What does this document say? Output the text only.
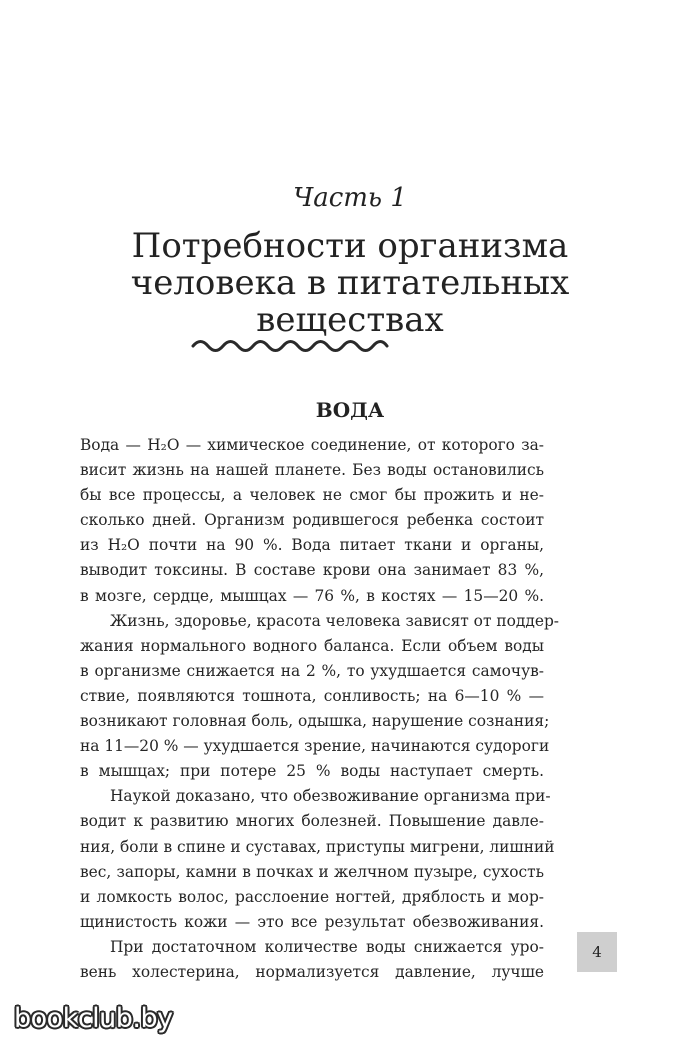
Часть 1
Потребности организма
человека в питательных
веществах
ВОДА
Вода — H₂O — химическое соединение, от которого за-
висит жизнь на нашей планете. Без воды остановились
бы все процессы, а человек не смог бы прожить и не-
сколько дней. Организм родившегося ребенка состоит
из H₂O почти на 90 %. Вода питает ткани и органы,
выводит токсины. В составе крови она занимает 83 %,
в мозге, сердце, мышцах — 76 %, в костях — 15—20 %.
Жизнь, здоровье, красота человека зависят от поддер-
жания нормального водного баланса. Если объем воды
в организме снижается на 2 %, то ухудшается самочув-
ствие, появляются тошнота, сонливость; на 6—10 % —
возникают головная боль, одышка, нарушение сознания;
на 11—20 % — ухудшается зрение, начинаются судороги
в мышцах; при потере 25 % воды наступает смерть.
Наукой доказано, что обезвоживание организма при-
водит к развитию многих болезней. Повышение давле-
ния, боли в спине и суставах, приступы мигрени, лишний
вес, запоры, камни в почках и желчном пузыре, сухость
и ломкость волос, расслоение ногтей, дряблость и мор-
щинистость кожи — это все результат обезвоживания.
При достаточном количестве воды снижается уро-
вень холестерина, нормализуется давление, лучше
4
bookclub.by
